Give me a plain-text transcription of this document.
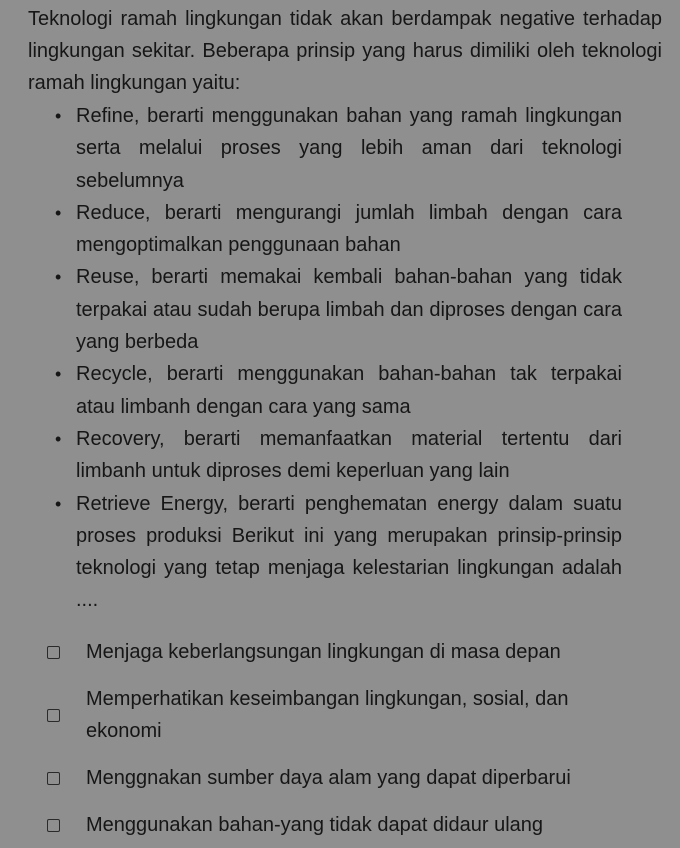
Teknologi ramah lingkungan tidak akan berdampak negative terhadap lingkungan sekitar. Beberapa prinsip yang harus dimiliki oleh teknologi ramah lingkungan yaitu:

• Refine, berarti menggunakan bahan yang ramah lingkungan serta melalui proses yang lebih aman dari teknologi sebelumnya
• Reduce, berarti mengurangi jumlah limbah dengan cara mengoptimalkan penggunaan bahan
• Reuse, berarti memakai kembali bahan-bahan yang tidak terpakai atau sudah berupa limbah dan diproses dengan cara yang berbeda
• Recycle, berarti menggunakan bahan-bahan tak terpakai atau limbanh dengan cara yang sama
• Recovery, berarti memanfaatkan material tertentu dari limbanh untuk diproses demi keperluan yang lain
• Retrieve Energy, berarti penghematan energy dalam suatu proses produksi Berikut ini yang merupakan prinsip-prinsip teknologi yang tetap menjaga kelestarian lingkungan adalah ....
Menjaga keberlangsungan lingkungan di masa depan
Memperhatikan keseimbangan lingkungan, sosial, dan ekonomi
Menggnakan sumber daya alam yang dapat diperbarui
Menggunakan bahan-yang tidak dapat didaur ulang
